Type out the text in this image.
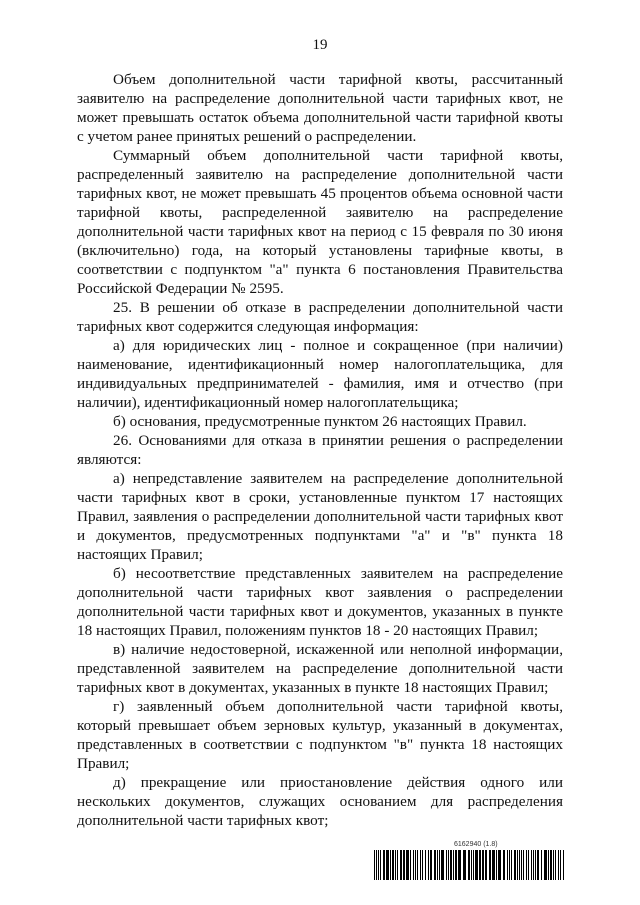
19

Объем дополнительной части тарифной квоты, рассчитанный заявителю на распределение дополнительной части тарифных квот, не может превышать остаток объема дополнительной части тарифной квоты с учетом ранее принятых решений о распределении.

Суммарный объем дополнительной части тарифной квоты, распределенный заявителю на распределение дополнительной части тарифных квот, не может превышать 45 процентов объема основной части тарифной квоты, распределенной заявителю на распределение дополнительной части тарифных квот на период с 15 февраля по 30 июня (включительно) года, на который установлены тарифные квоты, в соответствии с подпунктом "а" пункта 6 постановления Правительства Российской Федерации № 2595.

25. В решении об отказе в распределении дополнительной части тарифных квот содержится следующая информация:

а) для юридических лиц - полное и сокращенное (при наличии) наименование, идентификационный номер налогоплательщика, для индивидуальных предпринимателей - фамилия, имя и отчество (при наличии), идентификационный номер налогоплательщика;

б) основания, предусмотренные пунктом 26 настоящих Правил.

26. Основаниями для отказа в принятии решения о распределении являются:

а) непредставление заявителем на распределение дополнительной части тарифных квот в сроки, установленные пунктом 17 настоящих Правил, заявления о распределении дополнительной части тарифных квот и документов, предусмотренных подпунктами "а" и "в" пункта 18 настоящих Правил;

б) несоответствие представленных заявителем на распределение дополнительной части тарифных квот заявления о распределении дополнительной части тарифных квот и документов, указанных в пункте 18 настоящих Правил, положениям пунктов 18 - 20 настоящих Правил;

в) наличие недостоверной, искаженной или неполной информации, представленной заявителем на распределение дополнительной части тарифных квот в документах, указанных в пункте 18 настоящих Правил;

г) заявленный объем дополнительной части тарифной квоты, который превышает объем зерновых культур, указанный в документах, представленных в соответствии с подпунктом "в" пункта 18 настоящих Правил;

д) прекращение или приостановление действия одного или нескольких документов, служащих основанием для распределения дополнительной части тарифных квот;

6162940 (1.8)
